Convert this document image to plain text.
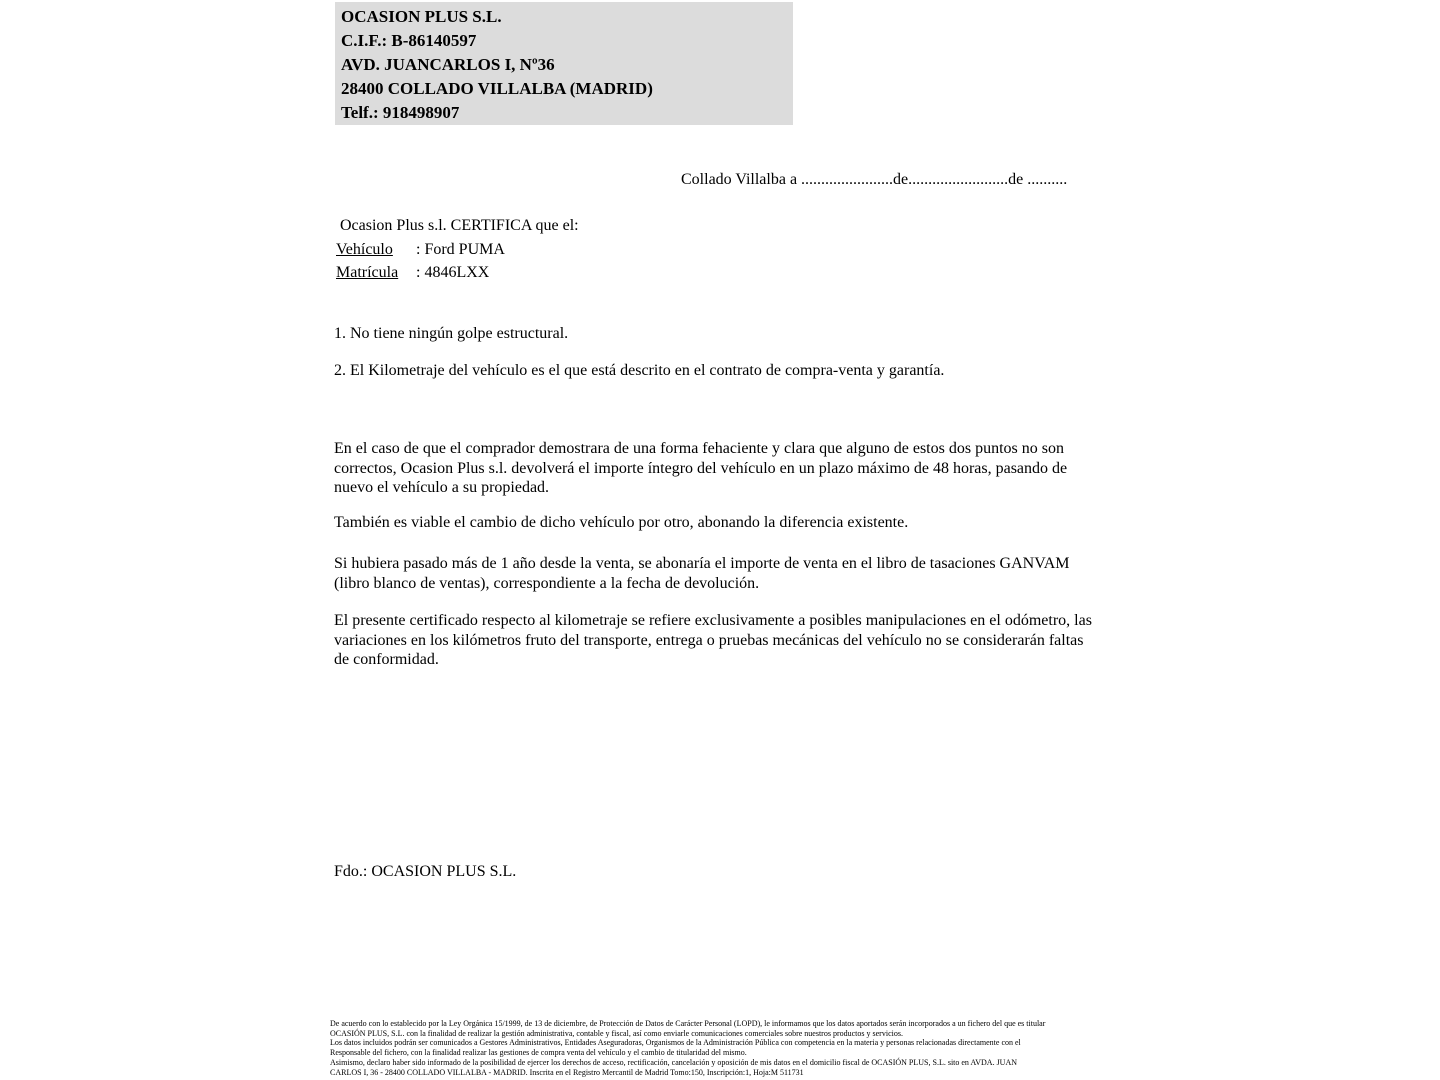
OCASION PLUS S.L.
C.I.F.: B-86140597
AVD. JUANCARLOS I, Nº36
28400 COLLADO VILLALBA (MADRID)
Telf.: 918498907
Collado Villalba a .......................de.........................de ..........
Ocasion Plus s.l. CERTIFICA que el:
Vehículo : Ford PUMA
Matrícula : 4846LXX
1. No tiene ningún golpe estructural.
2. El Kilometraje del vehículo es el que está descrito en el contrato de compra-venta y garantía.
En el caso de que el comprador demostrara de una forma fehaciente y clara que alguno de estos dos puntos no son correctos, Ocasion Plus s.l. devolverá el importe íntegro del vehículo en un plazo máximo de 48 horas, pasando de nuevo el vehículo a su propiedad.
También es viable el cambio de dicho vehículo por otro, abonando la diferencia existente.
Si hubiera pasado más de 1 año desde la venta, se abonaría el importe de venta en el libro de tasaciones GANVAM (libro blanco de ventas), correspondiente a la fecha de devolución.
El presente certificado respecto al kilometraje se refiere exclusivamente a posibles manipulaciones en el odómetro, las variaciones en los kilómetros fruto del transporte, entrega o pruebas mecánicas del vehículo no se considerarán faltas de conformidad.
Fdo.: OCASION PLUS S.L.
De acuerdo con lo establecido por la Ley Orgánica 15/1999, de 13 de diciembre, de Protección de Datos de Carácter Personal (LOPD), le informamos que los datos aportados serán incorporados a un fichero del que es titular
OCASIÓN PLUS, S.L. con la finalidad de realizar la gestión administrativa, contable y fiscal, así como enviarle comunicaciones comerciales sobre nuestros productos y servicios.
Los datos incluidos podrán ser comunicados a Gestores Administrativos, Entidades Aseguradoras, Organismos de la Administración Pública con competencia en la materia y personas relacionadas directamente con el
Responsable del fichero, con la finalidad realizar las gestiones de compra venta del vehículo y el cambio de titularidad del mismo.
Asimismo, declaro haber sido informado de la posibilidad de ejercer los derechos de acceso, rectificación, cancelación y oposición de mis datos en el domicilio fiscal de OCASIÓN PLUS, S.L. sito en AVDA. JUAN
CARLOS I, 36 - 28400 COLLADO VILLALBA - MADRID. Inscrita en el Registro Mercantil de Madrid Tomo:150, Inscripción:1, Hoja:M 511731
